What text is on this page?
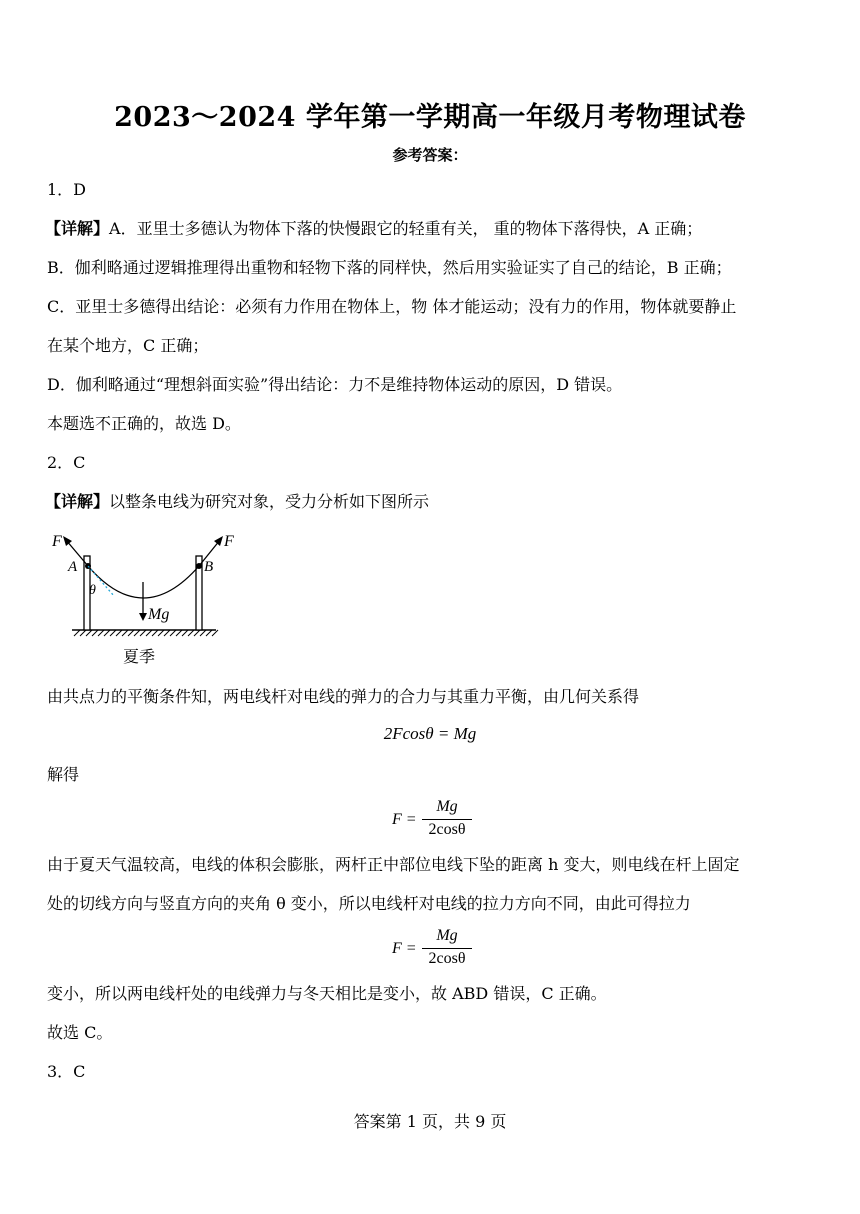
2023～2024 学年第一学期高一年级月考物理试卷
参考答案：
1．D
【详解】A．亚里士多德认为物体下落的快慢跟它的轻重有关， 重的物体下落得快，A 正确；
B．伽利略通过逻辑推理得出重物和轻物下落的同样快，然后用实验证实了自己的结论，B 正确；
C．亚里士多德得出结论：必须有力作用在物体上，物 体才能运动；没有力的作用，物体就要静止
在某个地方，C 正确；
D．伽利略通过“理想斜面实验”得出结论：力不是维持物体运动的原因，D 错误。
本题选不正确的，故选 D。
2．C
【详解】以整条电线为研究对象，受力分析如下图所示
F	F
A	B
θ
Mg
夏季
由共点力的平衡条件知，两电线杆对电线的弹力的合力与其重力平衡，由几何关系得
2Fcosθ = Mg
解得
F =
Mg
2cosθ
由于夏天气温较高，电线的体积会膨胀，两杆正中部位电线下坠的距离 h 变大，则电线在杆上固定
处的切线方向与竖直方向的夹角 θ 变小，所以电线杆对电线的拉力方向不同，由此可得拉力
F =
Mg
2cosθ
变小，所以两电线杆处的电线弹力与冬天相比是变小，故 ABD 错误，C 正确。
故选 C。
3．C
答案第 1 页，共 9 页
